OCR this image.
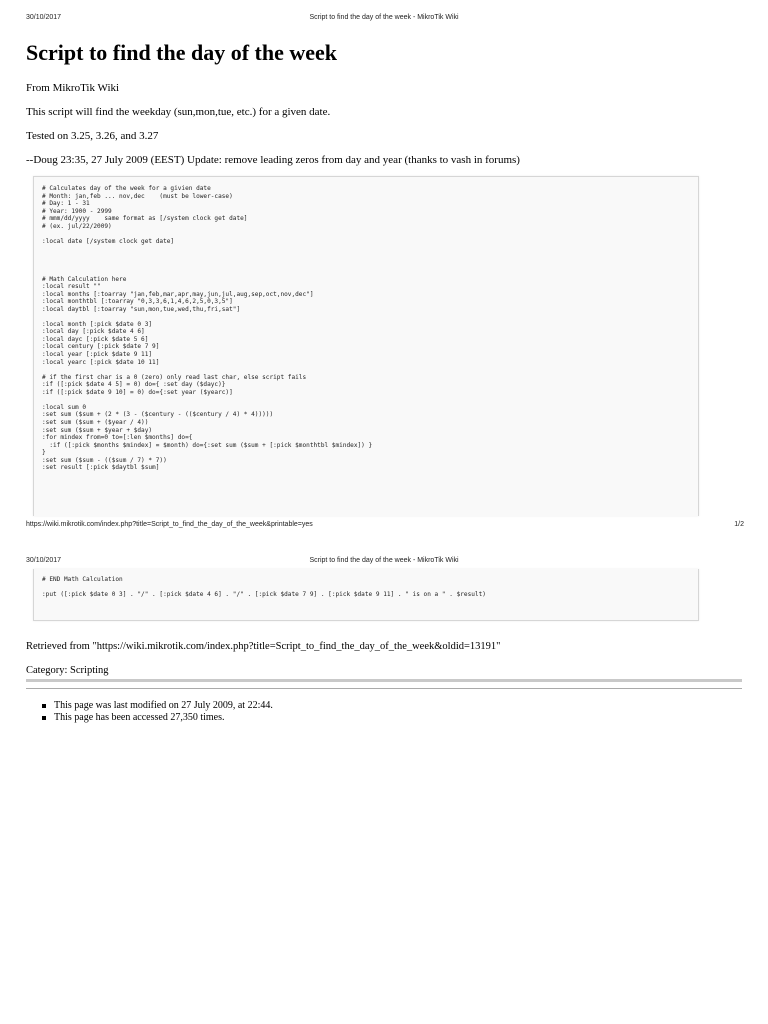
30/10/2017	Script to find the day of the week - MikroTik Wiki
Script to find the day of the week

From MikroTik Wiki

This script will find the weekday (sun,mon,tue, etc.) for a given date.

Tested on 3.25, 3.26, and 3.27

--Doug 23:35, 27 July 2009 (EEST) Update: remove leading zeros from day and year (thanks to vash in forums)

# Calculates day of the week for a givien date
# Month: jan,feb ... nov,dec    (must be lower-case)
# Day: 1 - 31
# Year: 1900 - 2999
# mmm/dd/yyyy    same format as [/system clock get date]
# (ex. jul/22/2009)
:local date [/system clock get date]
# Math Calculation here
:local result ""
:local months [:toarray "jan,feb,mar,apr,may,jun,jul,aug,sep,oct,nov,dec"]
:local monthtbl [:toarray "0,3,3,6,1,4,6,2,5,0,3,5"]
:local daytbl [:toarray "sun,mon,tue,wed,thu,fri,sat"]
:local month [:pick $date 0 3]
:local day [:pick $date 4 6]
:local dayc [:pick $date 5 6]
:local century [:pick $date 7 9]
:local year [:pick $date 9 11]
:local yearc [:pick $date 10 11]
# if the first char is a 0 (zero) only read last char, else script fails
:if ([:pick $date 4 5] = 0) do={ :set day ($dayc)}
:if ([:pick $date 9 10] = 0) do={:set year ($yearc)]
:local sum 0
:set sum ($sum + (2 * (3 - ($century - (($century / 4) * 4)))))
:set sum ($sum + ($year / 4))
:set sum ($sum + $year + $day)
:for mindex from=0 to=[:len $months] do={
:if ([:pick $months $mindex] = $month) do={:set sum ($sum + [:pick $monthtbl $mindex]) }
}
:set sum ($sum - (($sum / 7) * 7))
:set result [:pick $daytbl $sum]
https://wiki.mikrotik.com/index.php?title=Script_to_find_the_day_of_the_week&printable=yes	1/2
30/10/2017	Script to find the day of the week - MikroTik Wiki
# END Math Calculation
:put ([:pick $date 0 3] . "/" . [:pick $date 4 6] . "/" . [:pick $date 7 9] . [:pick $date 9 11] . " is on a " . $result)

Retrieved from "https://wiki.mikrotik.com/index.php?title=Script_to_find_the_day_of_the_week&oldid=13191"

Category: Scripting

This page was last modified on 27 July 2009, at 22:44.
This page has been accessed 27,350 times.
